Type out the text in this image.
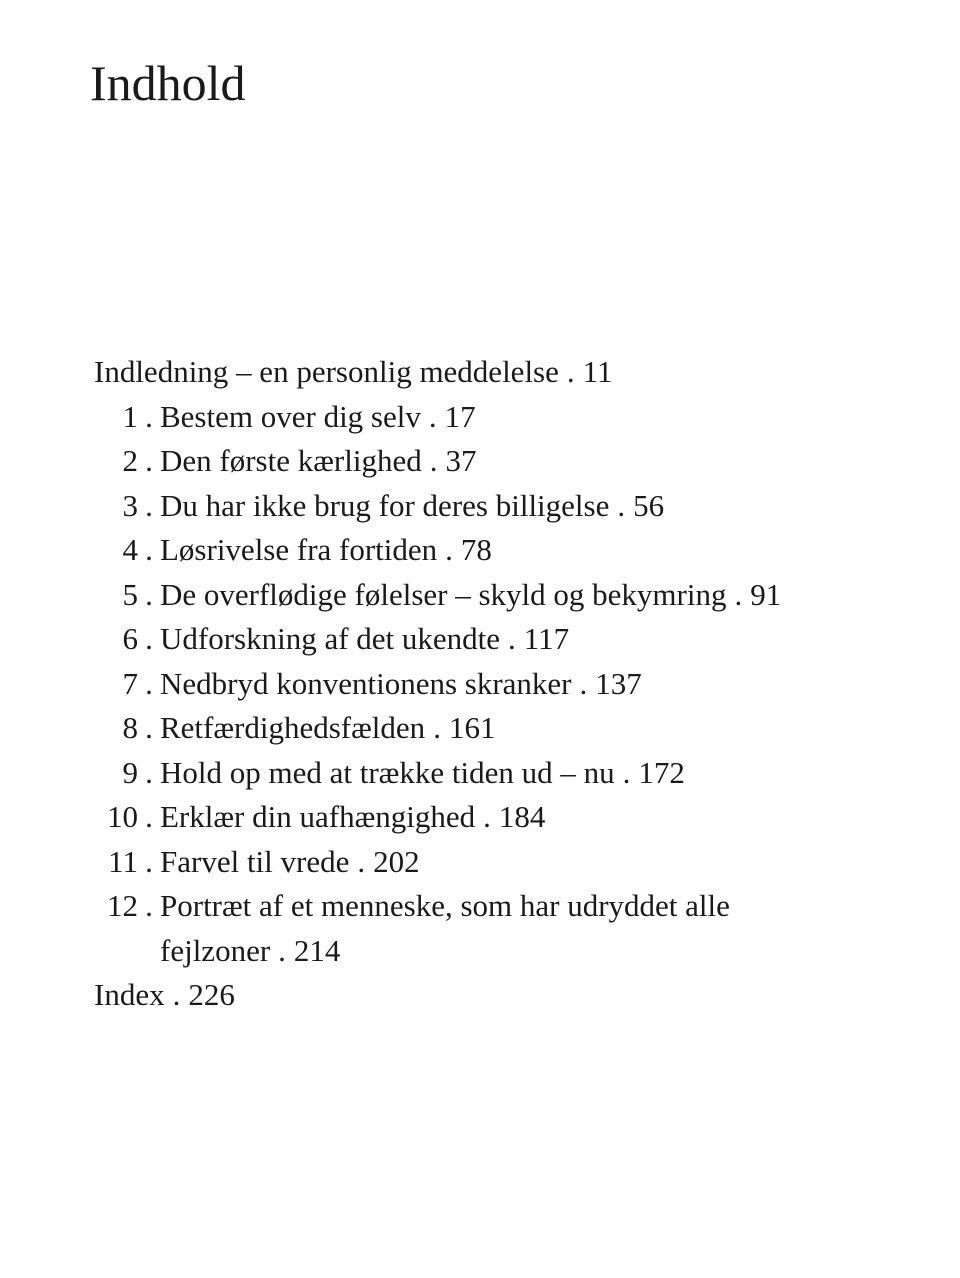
Indhold
Indledning – en personlig meddelelse . 11
1 . Bestem over dig selv . 17
2 . Den første kærlighed . 37
3 . Du har ikke brug for deres billigelse . 56
4 . Løsrivelse fra fortiden . 78
5 . De overflødige følelser – skyld og bekymring . 91
6 . Udforskning af det ukendte . 117
7 . Nedbryd konventionens skranker . 137
8 . Retfærdighedsfælden . 161
9 . Hold op med at trække tiden ud – nu . 172
10 . Erklær din uafhængighed . 184
11 . Farvel til vrede . 202
12 . Portræt af et menneske, som har udryddet alle fejlzoner . 214
Index . 226
